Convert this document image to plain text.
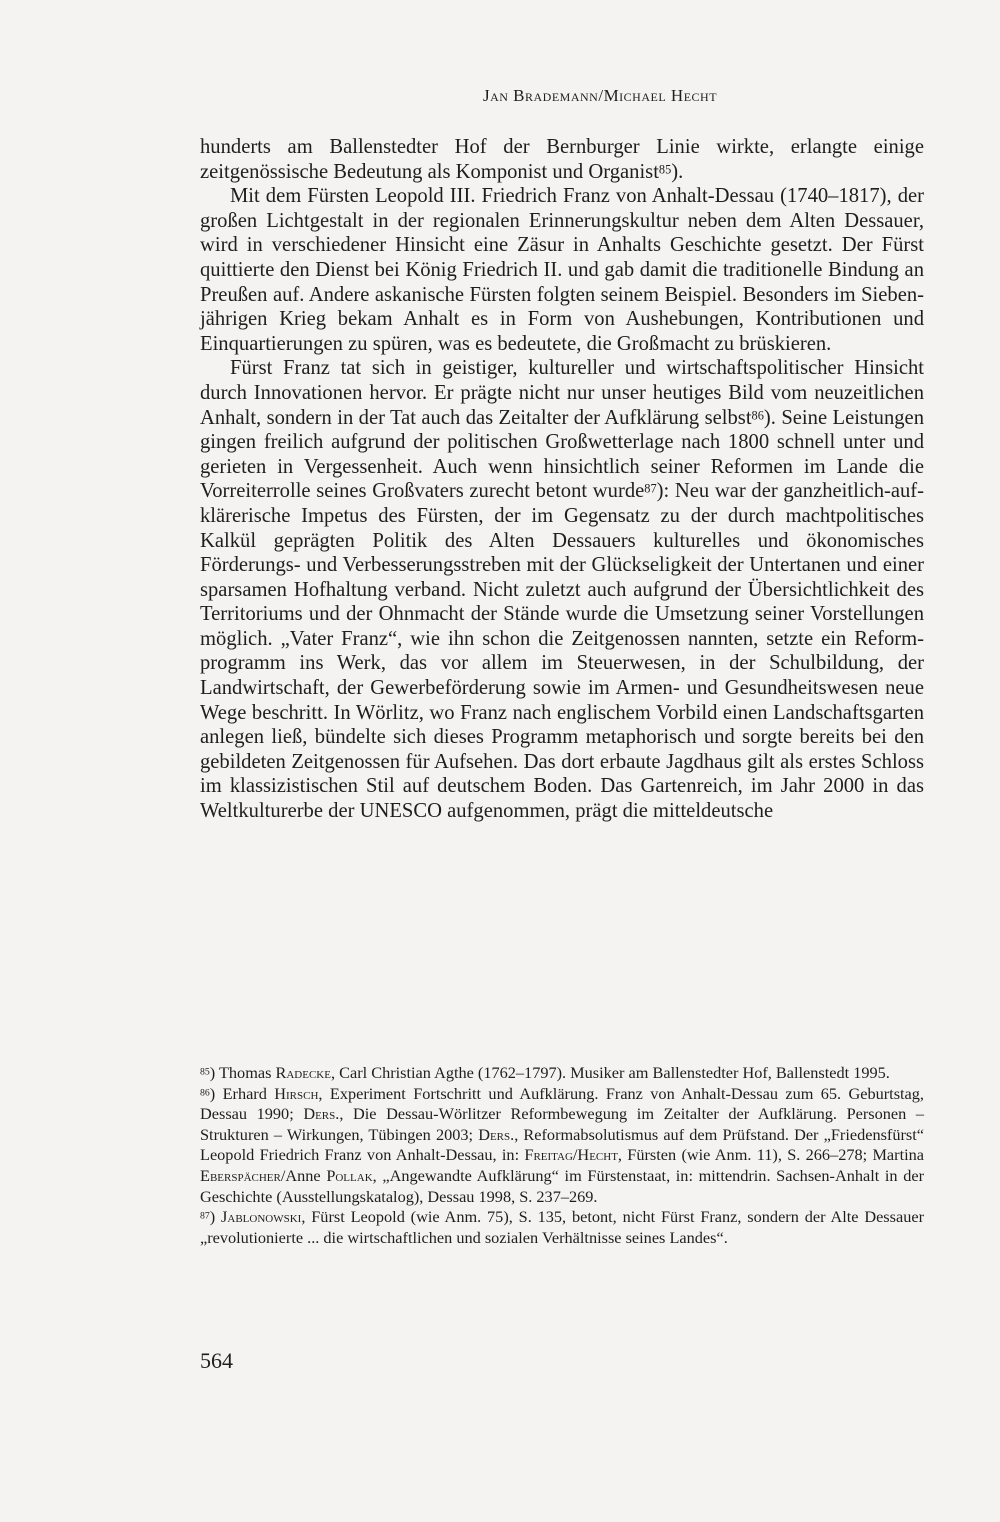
Jan Brademann/Michael Hecht

hunderts am Ballenstedter Hof der Bernburger Linie wirkte, erlangte einige zeitgenössische Bedeutung als Komponist und Organist$^{85}$).

Mit dem Fürsten Leopold III. Friedrich Franz von Anhalt-Dessau (1740–1817), der großen Lichtgestalt in der regionalen Erinnerungskultur neben dem Alten Dessauer, wird in verschiedener Hinsicht eine Zäsur in Anhalts Geschichte gesetzt. Der Fürst quittierte den Dienst bei König Friedrich II. und gab damit die traditionelle Bindung an Preußen auf. Andere askanische Fürsten folgten seinem Beispiel. Besonders im Siebenjährigen Krieg bekam Anhalt es in Form von Aushebungen, Kontributionen und Einquartierungen zu spüren, was es bedeutete, die Großmacht zu brüskieren.

Fürst Franz tat sich in geistiger, kultureller und wirtschaftspolitischer Hinsicht durch Innovationen hervor. Er prägte nicht nur unser heutiges Bild vom neuzeitlichen Anhalt, sondern in der Tat auch das Zeitalter der Aufklärung selbst$^{86}$). Seine Leistungen gingen freilich aufgrund der politischen Großwetterlage nach 1800 schnell unter und gerieten in Vergessenheit. Auch wenn hinsichtlich seiner Reformen im Lande die Vorreiterrolle seines Großvaters zurecht betont wurde$^{87}$): Neu war der ganzheitlich-aufklärerische Impetus des Fürsten, der im Gegensatz zu der durch machtpolitisches Kalkül geprägten Politik des Alten Dessauers kulturelles und ökonomisches Förderungs- und Verbesserungsstreben mit der Glückseligkeit der Untertanen und einer sparsamen Hofhaltung verband. Nicht zuletzt auch aufgrund der Übersichtlichkeit des Territoriums und der Ohnmacht der Stände wurde die Umsetzung seiner Vorstellungen möglich. „Vater Franz“, wie ihn schon die Zeitgenossen nannten, setzte ein Reformprogramm ins Werk, das vor allem im Steuerwesen, in der Schulbildung, der Landwirtschaft, der Gewerbeförderung sowie im Armen- und Gesundheitswesen neue Wege beschritt. In Wörlitz, wo Franz nach englischem Vorbild einen Landschaftsgarten anlegen ließ, bündelte sich dieses Programm metaphorisch und sorgte bereits bei den gebildeten Zeitgenossen für Aufsehen. Das dort erbaute Jagdhaus gilt als erstes Schloss im klassizistischen Stil auf deutschem Boden. Das Gartenreich, im Jahr 2000 in das Weltkulturerbe der UNESCO aufgenommen, prägt die mitteldeutsche

$^{85}$) Thomas Radecke, Carl Christian Agthe (1762–1797). Musiker am Ballenstedter Hof, Ballenstedt 1995.

$^{86}$) Erhard Hirsch, Experiment Fortschritt und Aufklärung. Franz von Anhalt-Dessau zum 65. Geburtstag, Dessau 1990; Ders., Die Dessau-Wörlitzer Reformbewegung im Zeitalter der Aufklärung. Personen – Strukturen – Wirkungen, Tübingen 2003; Ders., Reformabsolutismus auf dem Prüfstand. Der „Friedensfürst“ Leopold Friedrich Franz von Anhalt-Dessau, in: Freitag/Hecht, Fürsten (wie Anm. 11), S. 266–278; Martina Eberspächer/Anne Pollak, „Angewandte Aufklärung“ im Fürstenstaat, in: mittendrin. Sachsen-Anhalt in der Geschichte (Ausstellungskatalog), Dessau 1998, S. 237–269.

$^{87}$) Jablonowski, Fürst Leopold (wie Anm. 75), S. 135, betont, nicht Fürst Franz, sondern der Alte Dessauer „revolutionierte ... die wirtschaftlichen und sozialen Verhältnisse seines Landes“.

564
